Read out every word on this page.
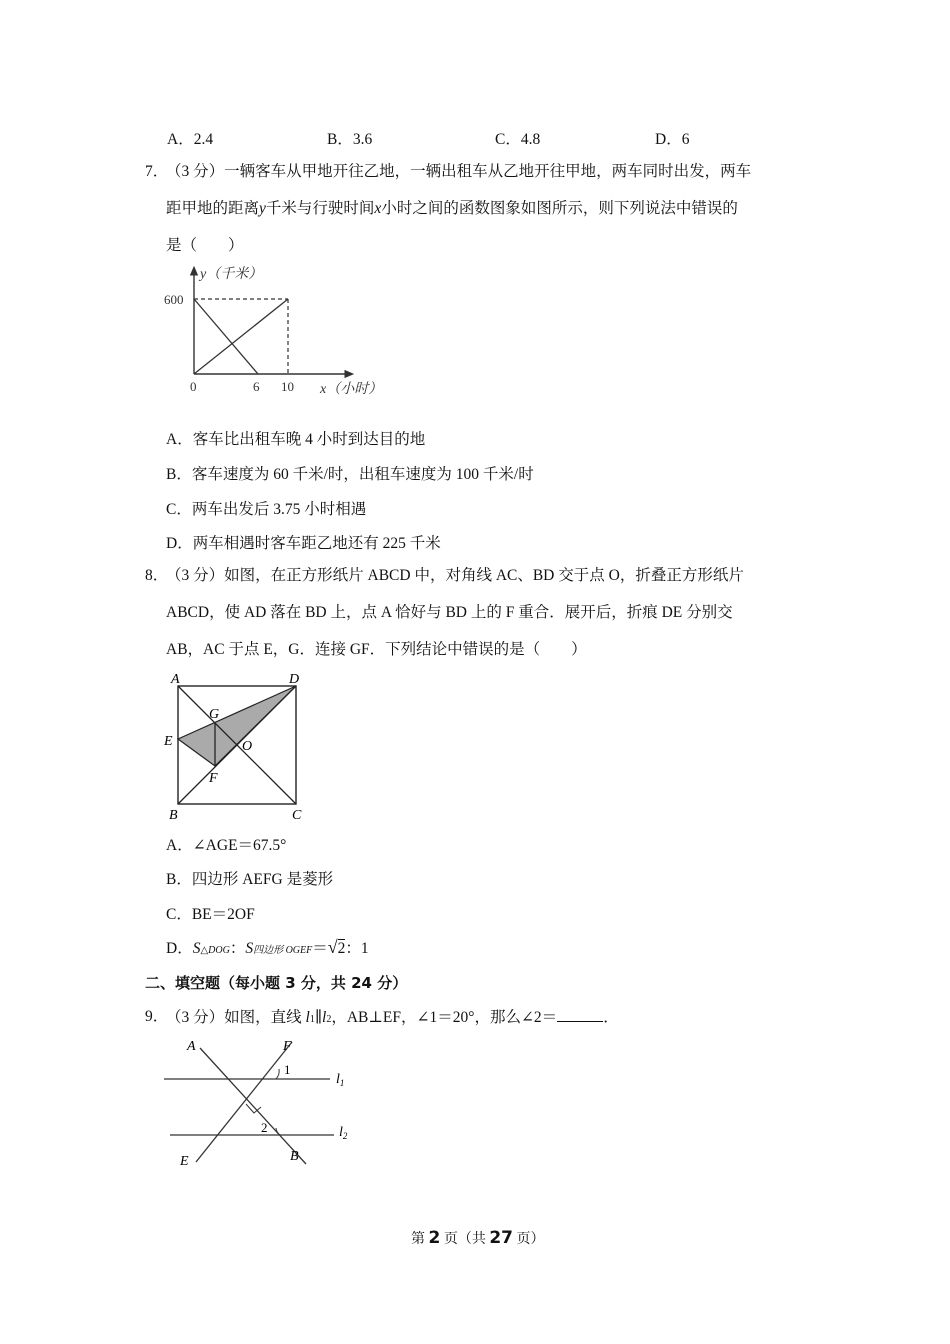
A．2.4	B．3.6	C．4.8	D．6
7．
（3 分）一辆客车从甲地开往乙地，一辆出租车从乙地开往甲地，两车同时出发，两车
距甲地的距离y千米与行驶时间x小时之间的函数图象如图所示，则下列说法中错误的
是（　　）
y（千米）
600
0	6 10 x（小时）
A．客车比出租车晚 4 小时到达目的地
B．客车速度为 60 千米/时，出租车速度为 100 千米/时
C．两车出发后 3.75 小时相遇
D．两车相遇时客车距乙地还有 225 千米
8．
（3 分）如图，在正方形纸片 ABCD 中，对角线 AC、BD 交于点 O，折叠正方形纸片
ABCD，使 AD 落在 BD 上，点 A 恰好与 BD 上的 F 重合．展开后，折痕 DE 分别交
AB，AC 于点 E，G．连接 GF．下列结论中错误的是（　　）
A	D
G
E	O
F
B	C
A．∠AGE＝67.5°
B．四边形 AEFG 是菱形
C．BE＝2OF
D．S△DOG：S四边形 OGEF＝√2：1
二、填空题（每小题 3 分，共 24 分）
9．
（3 分）如图，直线 l1∥l2，AB⊥EF，∠1＝20°，那么∠2＝	．
A	F
1
$l_1$
2	$l_2$
E	B
第 2 页（共 27 页）
